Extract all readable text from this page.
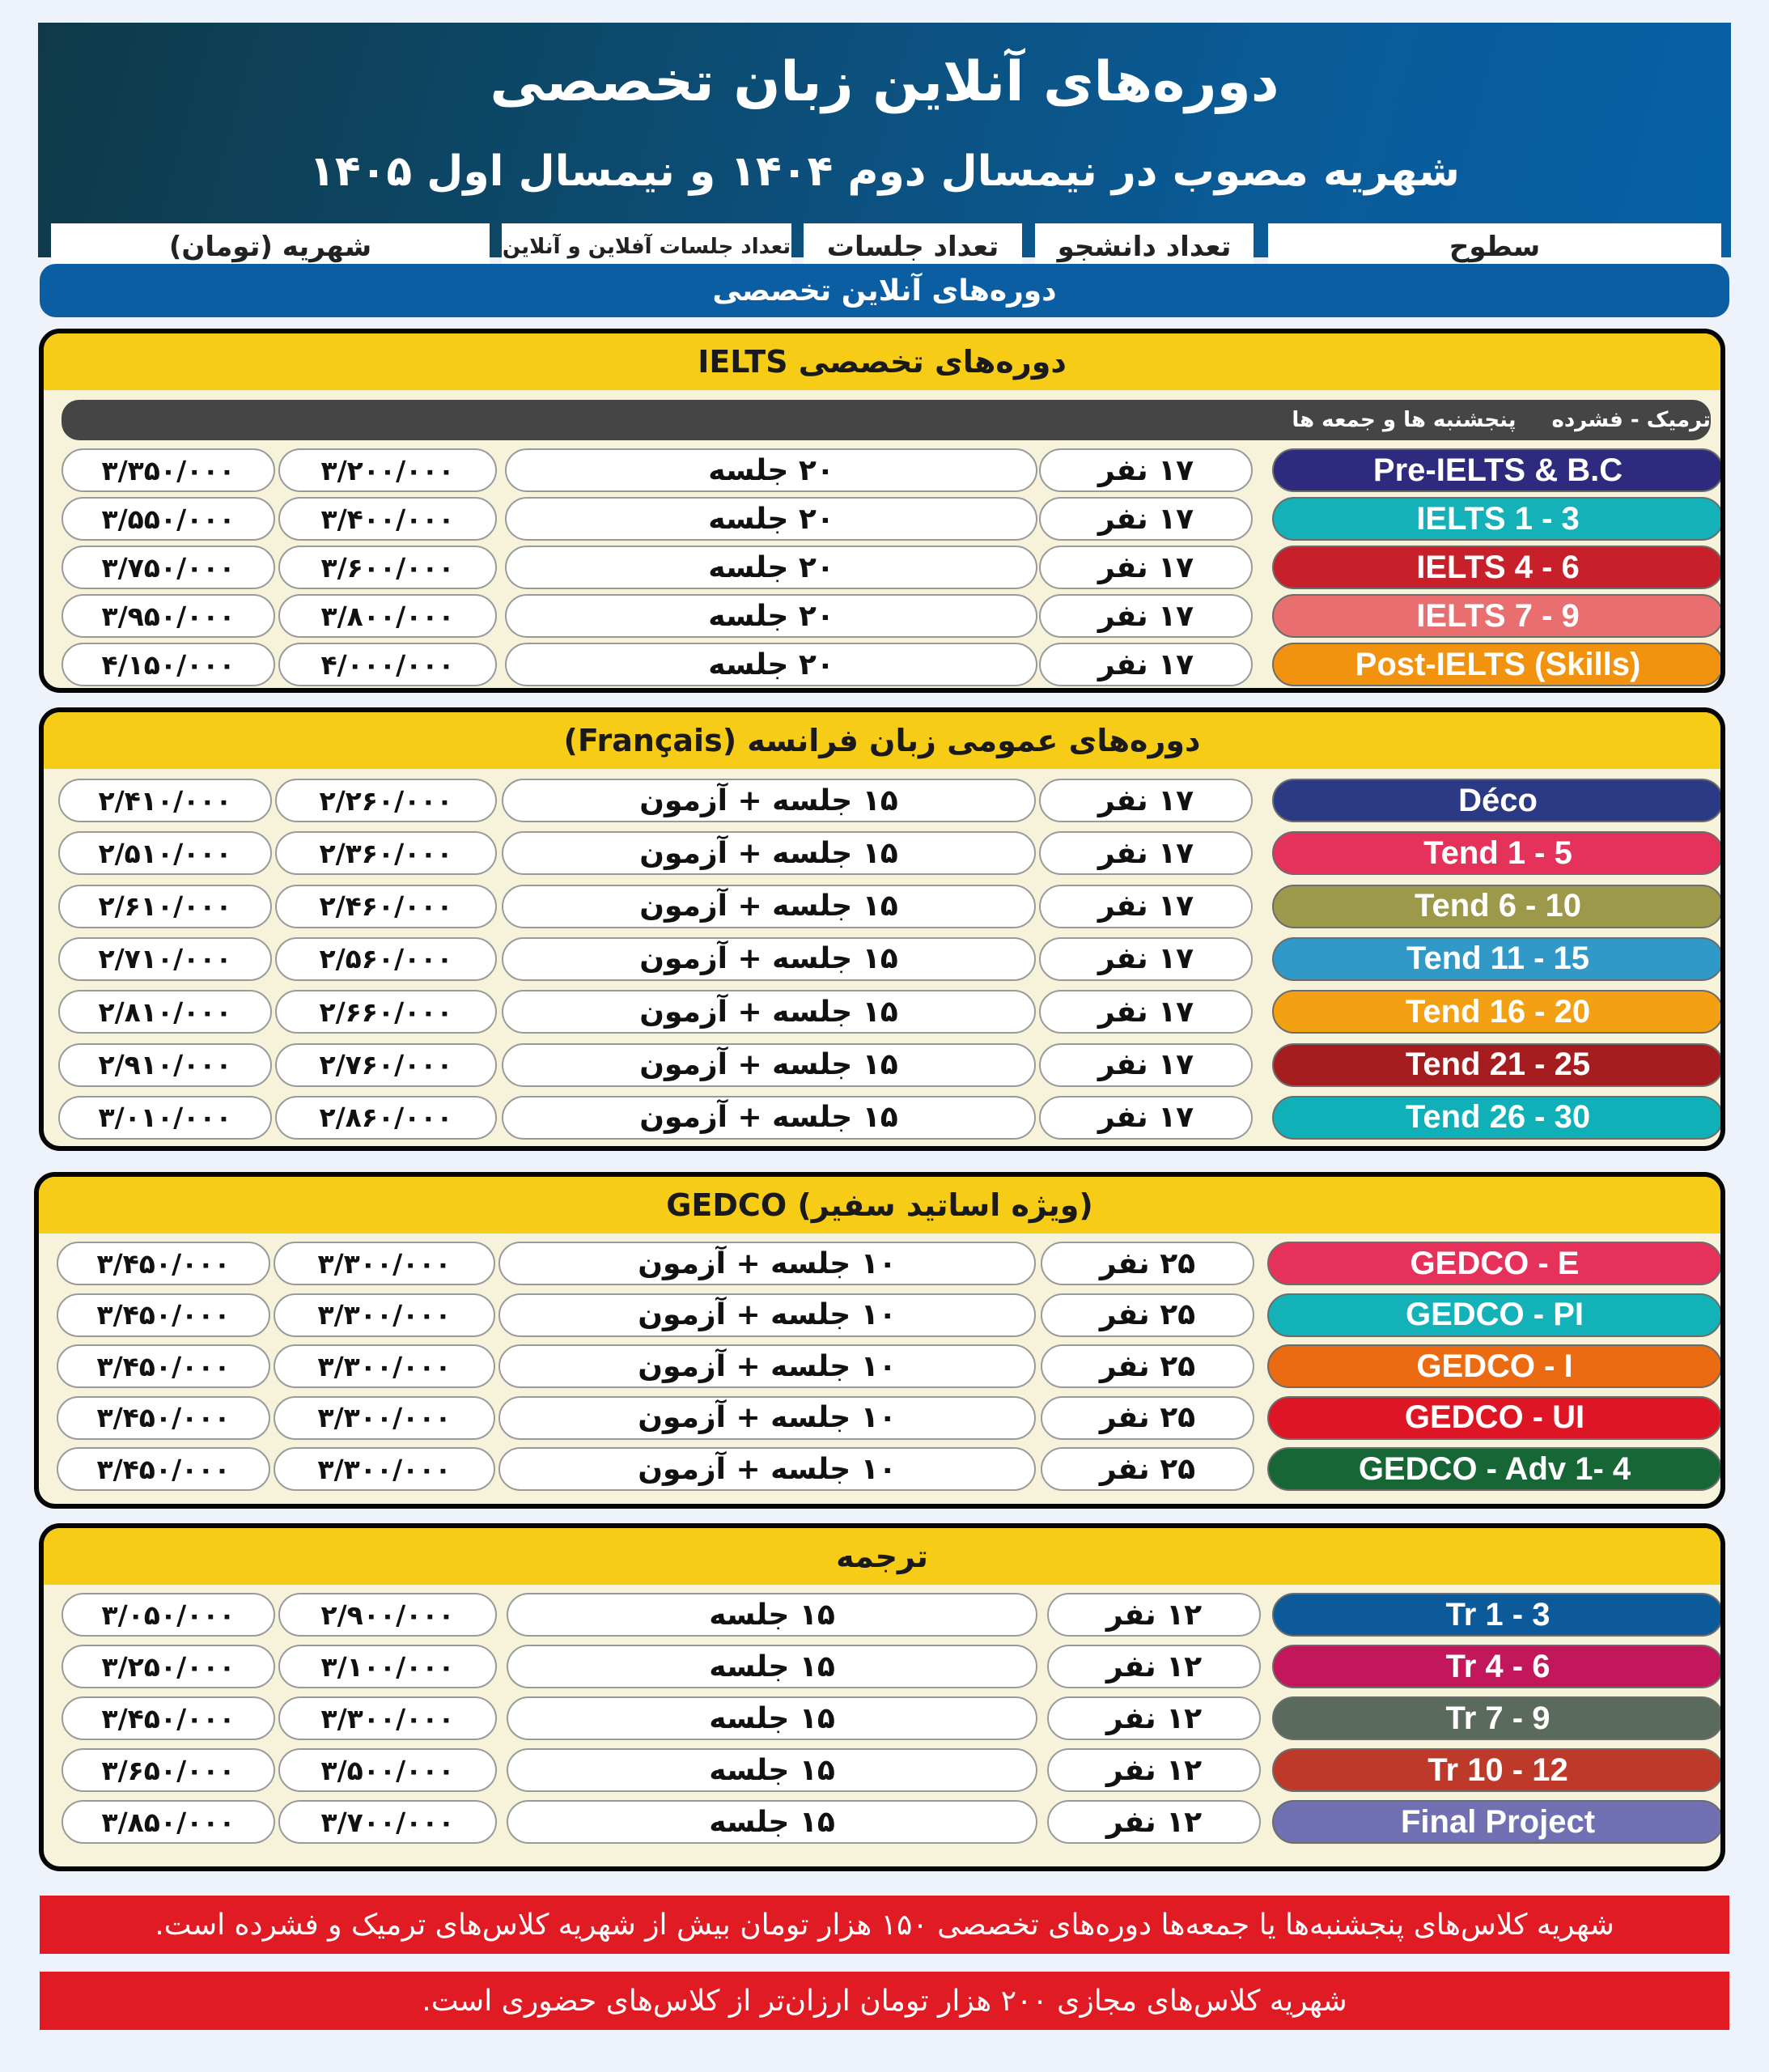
دوره‌های آنلاین زبان تخصصی
شهریه مصوب در نیمسال دوم ۱۴۰۴ و نیمسال اول ۱۴۰۵
سطوح
تعداد دانشجو
تعداد جلسات
تعداد جلسات آفلاین و آنلاین
شهریه (تومان)
دوره‌های آنلاین تخصصی
دوره‌های تخصصی IELTS
ترمیک - فشرده
پنجشنبه ها و جمعه ها
Pre-IELTS & B.C
۱۷ نفر
۲۰ جلسه
۳/۲۰۰/۰۰۰
۳/۳۵۰/۰۰۰
IELTS 1 - 3
۱۷ نفر
۲۰ جلسه
۳/۴۰۰/۰۰۰
۳/۵۵۰/۰۰۰
IELTS 4 - 6
۱۷ نفر
۲۰ جلسه
۳/۶۰۰/۰۰۰
۳/۷۵۰/۰۰۰
IELTS 7 - 9
۱۷ نفر
۲۰ جلسه
۳/۸۰۰/۰۰۰
۳/۹۵۰/۰۰۰
Post-IELTS (Skills)
۱۷ نفر
۲۰ جلسه
۴/۰۰۰/۰۰۰
۴/۱۵۰/۰۰۰
دوره‌های عمومی زبان فرانسه (Français)
Déco
۱۷ نفر
۱۵ جلسه + آزمون
۲/۲۶۰/۰۰۰
۲/۴۱۰/۰۰۰
Tend 1 - 5
۱۷ نفر
۱۵ جلسه + آزمون
۲/۳۶۰/۰۰۰
۲/۵۱۰/۰۰۰
Tend 6 - 10
۱۷ نفر
۱۵ جلسه + آزمون
۲/۴۶۰/۰۰۰
۲/۶۱۰/۰۰۰
Tend 11 - 15
۱۷ نفر
۱۵ جلسه + آزمون
۲/۵۶۰/۰۰۰
۲/۷۱۰/۰۰۰
Tend 16 - 20
۱۷ نفر
۱۵ جلسه + آزمون
۲/۶۶۰/۰۰۰
۲/۸۱۰/۰۰۰
Tend 21 - 25
۱۷ نفر
۱۵ جلسه + آزمون
۲/۷۶۰/۰۰۰
۲/۹۱۰/۰۰۰
Tend 26 - 30
۱۷ نفر
۱۵ جلسه + آزمون
۲/۸۶۰/۰۰۰
۳/۰۱۰/۰۰۰
(ویژه اساتید سفیر) GEDCO
GEDCO - E
۲۵ نفر
۱۰ جلسه + آزمون
۳/۳۰۰/۰۰۰
۳/۴۵۰/۰۰۰
GEDCO - PI
۲۵ نفر
۱۰ جلسه + آزمون
۳/۳۰۰/۰۰۰
۳/۴۵۰/۰۰۰
GEDCO - I
۲۵ نفر
۱۰ جلسه + آزمون
۳/۳۰۰/۰۰۰
۳/۴۵۰/۰۰۰
GEDCO - UI
۲۵ نفر
۱۰ جلسه + آزمون
۳/۳۰۰/۰۰۰
۳/۴۵۰/۰۰۰
GEDCO - Adv 1- 4
۲۵ نفر
۱۰ جلسه + آزمون
۳/۳۰۰/۰۰۰
۳/۴۵۰/۰۰۰
ترجمه
Tr 1 - 3
۱۲ نفر
۱۵ جلسه
۲/۹۰۰/۰۰۰
۳/۰۵۰/۰۰۰
Tr 4 - 6
۱۲ نفر
۱۵ جلسه
۳/۱۰۰/۰۰۰
۳/۲۵۰/۰۰۰
Tr 7 - 9
۱۲ نفر
۱۵ جلسه
۳/۳۰۰/۰۰۰
۳/۴۵۰/۰۰۰
Tr 10 - 12
۱۲ نفر
۱۵ جلسه
۳/۵۰۰/۰۰۰
۳/۶۵۰/۰۰۰
Final Project
۱۲ نفر
۱۵ جلسه
۳/۷۰۰/۰۰۰
۳/۸۵۰/۰۰۰
شهریه کلاس‌های پنجشنبه‌ها یا جمعه‌ها دوره‌های تخصصی ۱۵۰ هزار تومان بیش از شهریه کلاس‌های ترمیک و فشرده است.
شهریه کلاس‌های مجازی ۲۰۰ هزار تومان ارزان‌تر از کلاس‌های حضوری است.
